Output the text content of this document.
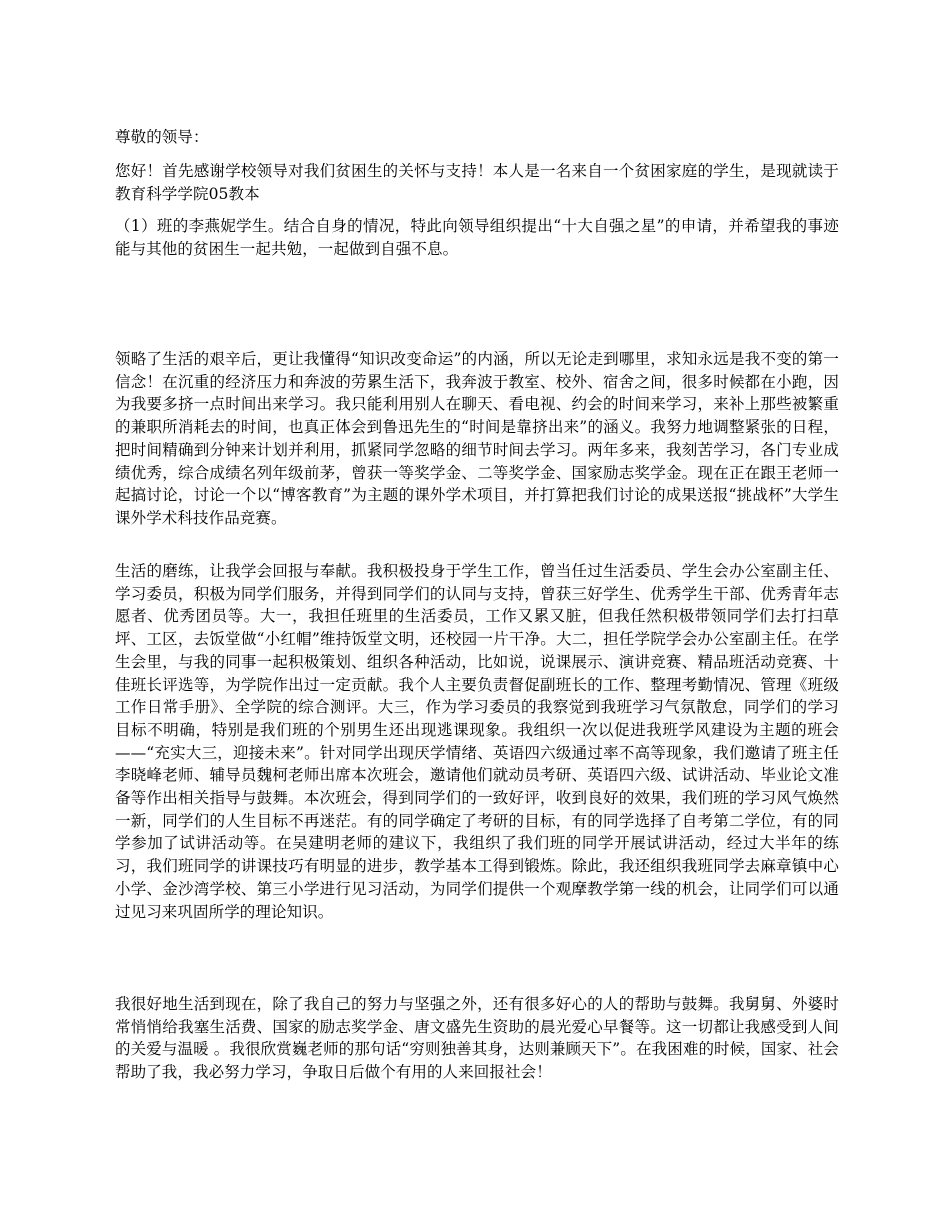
尊敬的领导：

您好！首先感谢学校领导对我们贫困生的关怀与支持！本人是一名来自一个贫困家庭的学生，是现就读于教育科学学院05教本

（1）班的李燕妮学生。结合自身的情况，特此向领导组织提出“十大自强之星”的申请，并希望我的事迹能与其他的贫困生一起共勉，一起做到自强不息。

领略了生活的艰辛后，更让我懂得“知识改变命运”的内涵，所以无论走到哪里，求知永远是我不变的第一信念！在沉重的经济压力和奔波的劳累生活下，我奔波于教室、校外、宿舍之间，很多时候都在小跑，因为我要多挤一点时间出来学习。我只能利用别人在聊天、看电视、约会的时间来学习，来补上那些被繁重的兼职所消耗去的时间，也真正体会到鲁迅先生的“时间是靠挤出来”的涵义。我努力地调整紧张的日程，把时间精确到分钟来计划并利用，抓紧同学忽略的细节时间去学习。两年多来，我刻苦学习，各门专业成绩优秀，综合成绩名列年级前茅，曾获一等奖学金、二等奖学金、国家励志奖学金。现在正在跟王老师一起搞讨论，讨论一个以“博客教育”为主题的课外学术项目，并打算把我们讨论的成果送报“挑战杯”大学生课外学术科技作品竞赛。

生活的磨练，让我学会回报与奉献。我积极投身于学生工作，曾当任过生活委员、学生会办公室副主任、学习委员，积极为同学们服务，并得到同学们的认同与支持，曾获三好学生、优秀学生干部、优秀青年志愿者、优秀团员等。大一，我担任班里的生活委员，工作又累又脏，但我任然积极带领同学们去打扫草坪、工区，去饭堂做“小红帽”维持饭堂文明，还校园一片干净。大二，担任学院学会办公室副主任。在学生会里，与我的同事一起积极策划、组织各种活动，比如说，说课展示、演讲竞赛、精品班活动竞赛、十佳班长评选等，为学院作出过一定贡献。我个人主要负责督促副班长的工作、整理考勤情况、管理《班级工作日常手册》、全学院的综合测评。大三，作为学习委员的我察觉到我班学习气氛散怠，同学们的学习目标不明确，特别是我们班的个别男生还出现逃课现象。我组织一次以促进我班学风建设为主题的班会——“充实大三，迎接未来”。针对同学出现厌学情绪、英语四六级通过率不高等现象，我们邀请了班主任李晓峰老师、辅导员魏柯老师出席本次班会，邀请他们就动员考研、英语四六级、试讲活动、毕业论文准备等作出相关指导与鼓舞。本次班会，得到同学们的一致好评，收到良好的效果，我们班的学习风气焕然一新，同学们的人生目标不再迷茫。有的同学确定了考研的目标，有的同学选择了自考第二学位，有的同学参加了试讲活动等。在吴建明老师的建议下，我组织了我们班的同学开展试讲活动，经过大半年的练习，我们班同学的讲课技巧有明显的进步，教学基本工得到锻炼。除此，我还组织我班同学去麻章镇中心小学、金沙湾学校、第三小学进行见习活动，为同学们提供一个观摩教学第一线的机会，让同学们可以通过见习来巩固所学的理论知识。

我很好地生活到现在，除了我自己的努力与坚强之外，还有很多好心的人的帮助与鼓舞。我舅舅、外婆时常悄悄给我塞生活费、国家的励志奖学金、唐文盛先生资助的晨光爱心早餐等。这一切都让我感受到人间的关爱与温暖 。我很欣赏巍老师的那句话“穷则独善其身，达则兼顾天下”。在我困难的时候，国家、社会帮助了我，我必努力学习，争取日后做个有用的人来回报社会！
